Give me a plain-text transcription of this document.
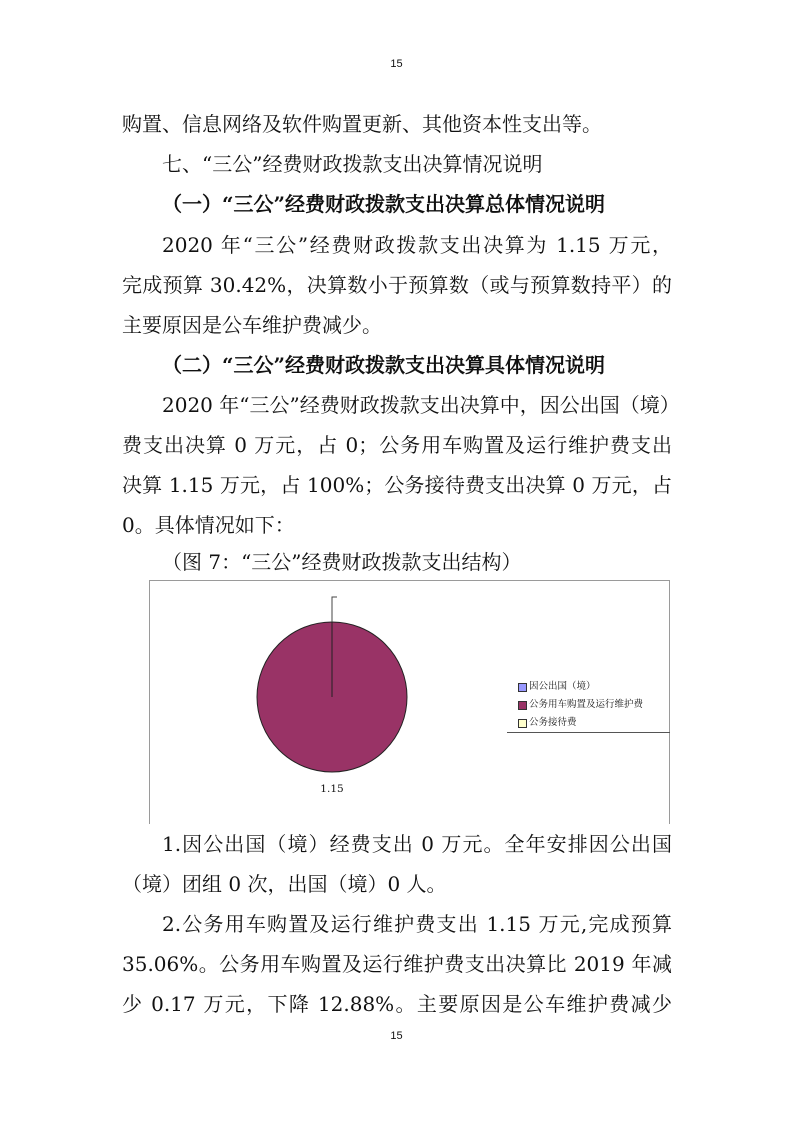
15
购置、信息网络及软件购置更新、其他资本性支出等。
七、“三公”经费财政拨款支出决算情况说明
（一）“三公”经费财政拨款支出决算总体情况说明
2020 年“三公”经费财政拨款支出决算为 1.15 万元，
完成预算 30.42%，决算数小于预算数（或与预算数持平）的
主要原因是公车维护费减少。
（二）“三公”经费财政拨款支出决算具体情况说明
2020 年“三公”经费财政拨款支出决算中，因公出国（境）
费支出决算 0 万元，占 0；公务用车购置及运行维护费支出
决算 1.15 万元，占 100%；公务接待费支出决算 0 万元，占
0。具体情况如下：
（图 7：“三公”经费财政拨款支出结构）
1.15
因公出国（境）
公务用车购置及运行维护费
公务接待费
1.因公出国（境）经费支出 0 万元。全年安排因公出国
（境）团组 0 次，出国（境）0 人。
2.公务用车购置及运行维护费支出 1.15 万元,完成预算
35.06%。公务用车购置及运行维护费支出决算比 2019 年减
少 0.17 万元，下降 12.88%。主要原因是公车维护费减少
15
